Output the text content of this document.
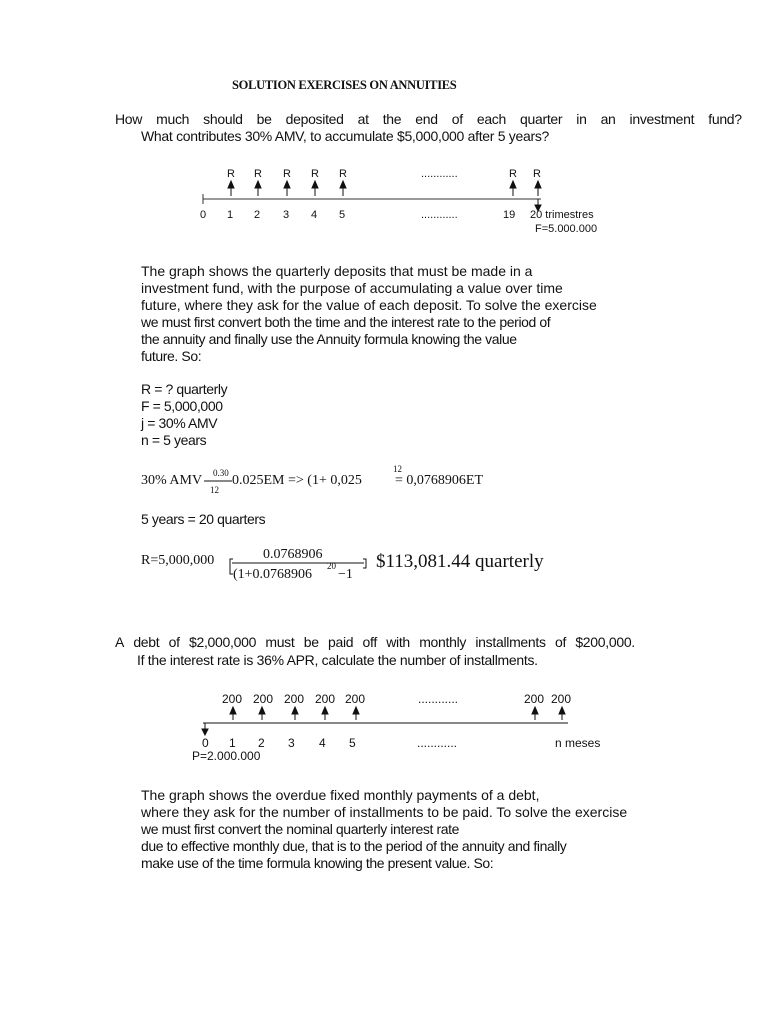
SOLUTION EXERCISES ON ANNUITIES
How much should be deposited at the end of each quarter in an investment fund?
What contributes 30% AMV, to accumulate $5,000,000 after 5 years?
R R R R R	............	R R
0 1 2 3 4 5	............	19 20 trimestres
F=5.000.000
The graph shows the quarterly deposits that must be made in a
investment fund, with the purpose of accumulating a value over time
future, where they ask for the value of each deposit. To solve the exercise
we must first convert both the time and the interest rate to the period of
the annuity and finally use the Annuity formula knowing the value
future. So:
R = ? quarterly
F = 5,000,000
j = 30% AMV
n = 5 years
30% AMV 0.30
12
0.025EM => (1+ 0,025
12
= 0,0768906ET
5 years = 20 quarters
R=5,000,000	0.0768906
(1+0.0768906
20
−1
$113,081.44 quarterly
A debt of $2,000,000 must be paid off with monthly installments of $200,000.
If the interest rate is 36% APR, calculate the number of installments.
200 200 200 200 200	............	200 200
0 1 2 3 4 5	............	n meses
P=2.000.000
The graph shows the overdue fixed monthly payments of a debt,
where they ask for the number of installments to be paid. To solve the exercise
we must first convert the nominal quarterly interest rate
due to effective monthly due, that is to the period of the annuity and finally
make use of the time formula knowing the present value. So:
